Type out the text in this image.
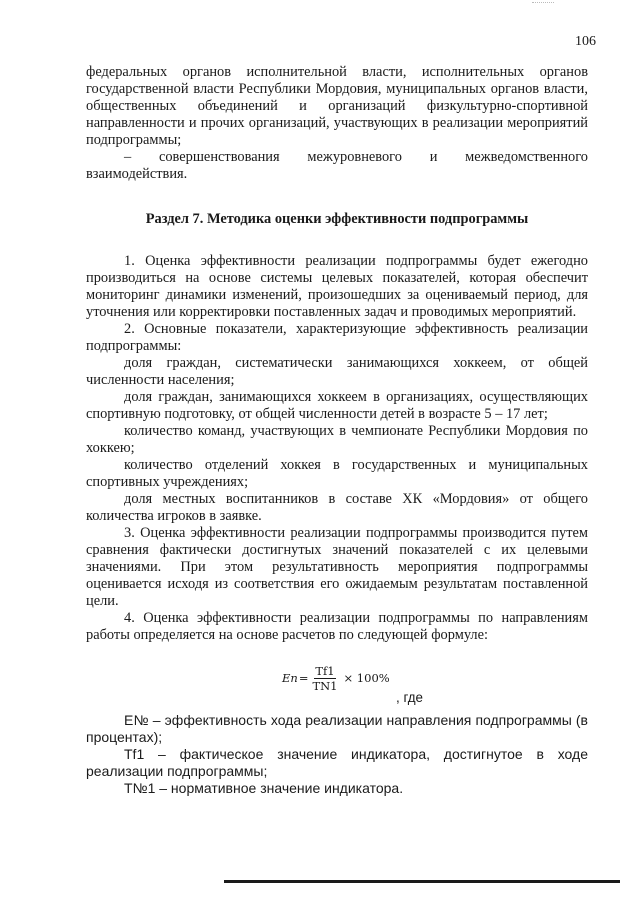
106

федеральных органов исполнительной власти, исполнительных органов государственной власти Республики Мордовия, муниципальных органов власти, общественных объединений и организаций физкультурно-спортивной направленности и прочих организаций, участвующих в реализации мероприятий подпрограммы;

– совершенствования межуровневого и межведомственного взаимодействия.

Раздел 7. Методика оценки эффективности подпрограммы

1. Оценка эффективности реализации подпрограммы будет ежегодно производиться на основе системы целевых показателей, которая обеспечит мониторинг динамики изменений, произошедших за оцениваемый период, для уточнения или корректировки поставленных задач и проводимых мероприятий.

2. Основные показатели, характеризующие эффективность реализации подпрограммы:

доля граждан, систематически занимающихся хоккеем, от общей численности населения;

доля граждан, занимающихся хоккеем в организациях, осуществляющих спортивную подготовку, от общей численности детей в возрасте 5 – 17 лет;

количество команд, участвующих в чемпионате Республики Мордовия по хоккею;

количество отделений хоккея в государственных и муниципальных спортивных учреждениях;

доля местных воспитанников в составе ХК «Мордовия» от общего количества игроков в заявке.

3. Оценка эффективности реализации подпрограммы производится путем сравнения фактически достигнутых значений показателей с их целевыми значениями. При этом результативность мероприятия подпрограммы оценивается исходя из соответствия его ожидаемым результатам поставленной цели.

4. Оценка эффективности реализации подпрограммы по направлениям работы определяется на основе расчетов по следующей формуле:

$En = \frac{Tf1}{TN1} \times 100\%$
, где

E№ – эффективность хода реализации направления подпрограммы (в процентах);

Tf1 – фактическое значение индикатора, достигнутое в ходе реализации подпрограммы;

T№1 – нормативное значение индикатора.
